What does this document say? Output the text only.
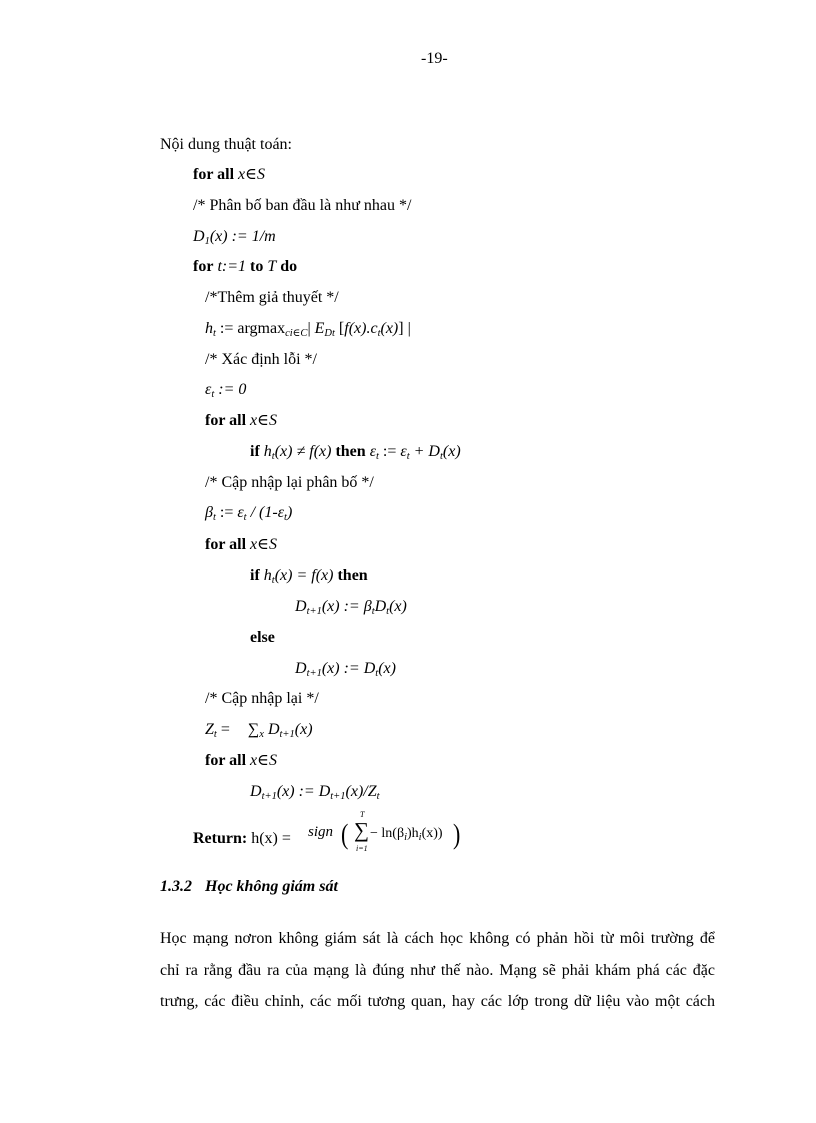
-19-
Nội dung thuật toán:
for all x∈S
/* Phân bố ban đầu là như nhau */
$D_1(x)$ := 1/m
for t:=1 to T do
/*Thêm giả thuyết */
$h_t$ := argmax$_{ci\in C}$| $E_{Dt}$ $[f(x).c_t(x)]$ |
/* Xác định lỗi */
$\varepsilon_t$ := 0
for all x∈S
if $h_t(x) \ne f(x)$ then $\varepsilon_t$ := $\varepsilon_t + D_t(x)$
/* Cập nhập lại phân bố */
$\beta_t$ := $\varepsilon_t / (1-\varepsilon_t)$
for all x∈S
if $h_t(x) = f(x)$ then
$D_{t+1}(x)$ := $\beta_tD_t(x)$
else
$D_{t+1}(x)$ := $D_t(x)$
/* Cập nhập lại */
$Z_t = \sum_x$ $D_{t+1}(x)$
for all x∈S
$D_{t+1}(x)$ := $D_{t+1}(x)/Z_t$
Return: h(x) = sign (
T
∑
i=1
− $\ln(\beta_i)h_i(x)$) )
1.3.2 Học không giám sát
Học mạng nơron không giám sát là cách học không có phản hồi từ môi trường để
chỉ ra rằng đầu ra của mạng là đúng như thế nào. Mạng sẽ phải khám phá các đặc
trưng, các điều chỉnh, các mối tương quan, hay các lớp trong dữ liệu vào một cách
